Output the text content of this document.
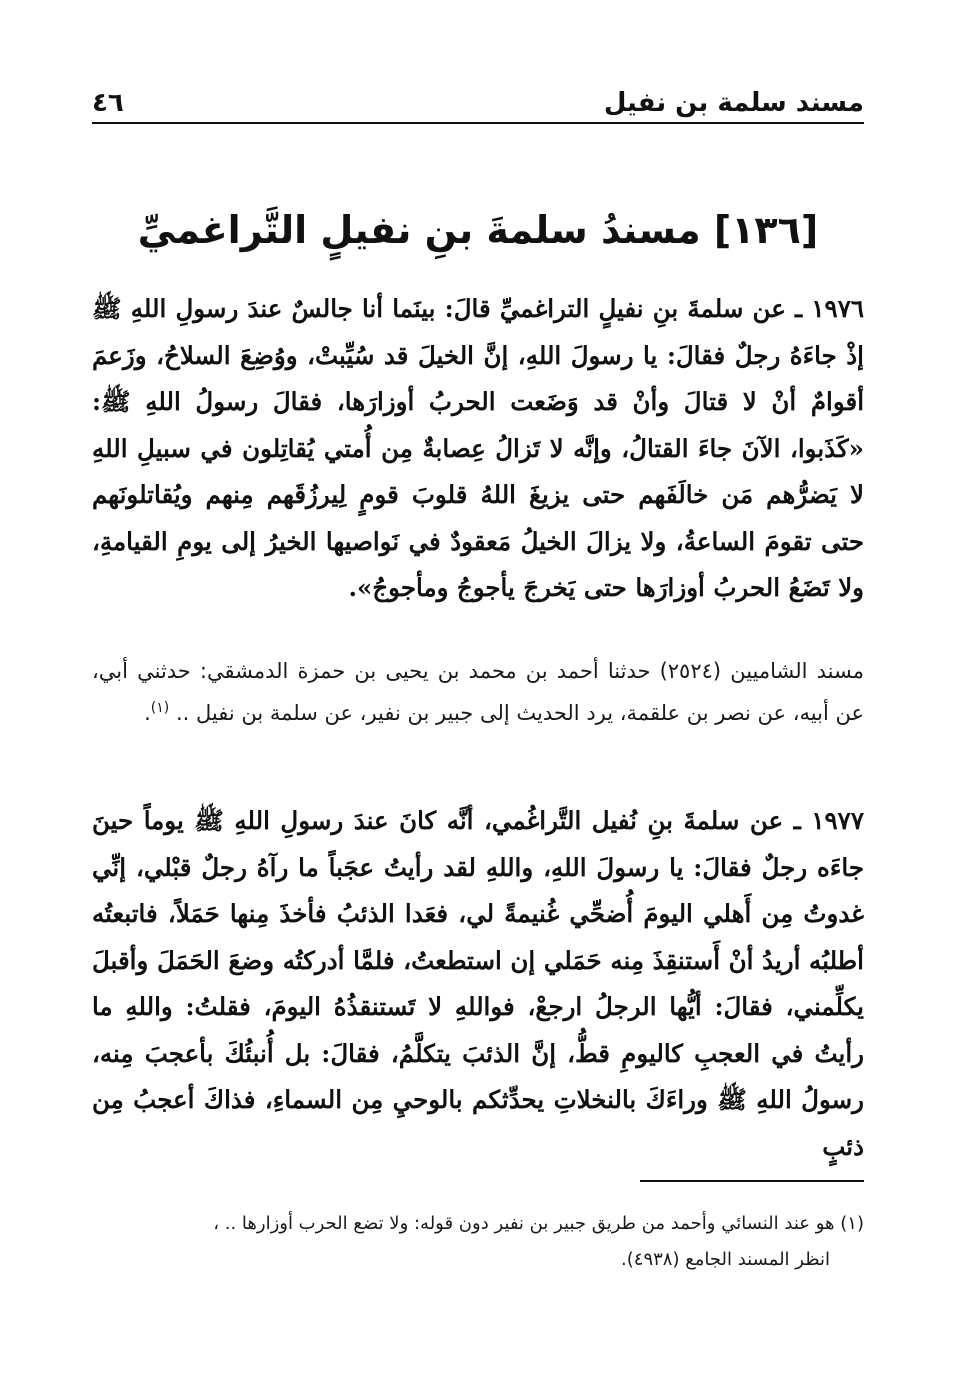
مسند سلمة بن نفيل
٤٦
[١٣٦] مسندُ سلمةَ بنِ نفيلٍ التَّراغميِّ

١٩٧٦ ـ عن سلمةَ بنِ نفيلٍ التراغميِّ قالَ: بينَما أنا جالسٌ عندَ رسولِ اللهِ ﷺ إذْ جاءَهُ رجلٌ فقالَ: يا رسولَ اللهِ، إنَّ الخيلَ قد سُيِّبتْ، ووُضِعَ السلاحُ، وزَعمَ أقوامٌ أنْ لا قتالَ وأنْ قد وَضَعت الحربُ أوزارَها، فقالَ رسولُ اللهِ ﷺ: «كَذَبوا، الآنَ جاءَ القتالُ، وإنَّه لا تَزالُ عِصابةٌ مِن أُمتي يُقاتِلون في سبيلِ اللهِ لا يَضرُّهم مَن خالَفَهم حتى يزيغَ اللهُ قلوبَ قومٍ لِيرزُقَهم مِنهم ويُقاتلونَهم حتى تقومَ الساعةُ، ولا يزالَ الخيلُ مَعقودٌ في نَواصيها الخيرُ إلى يومِ القيامةِ، ولا تَضَعُ الحربُ أوزارَها حتى يَخرجَ يأجوجُ ومأجوجُ».

مسند الشاميين (٢٥٢٤) حدثنا أحمد بن محمد بن يحيى بن حمزة الدمشقي: حدثني أبي، عن أبيه، عن نصر بن علقمة، يرد الحديث إلى جبير بن نفير، عن سلمة بن نفيل .. $^{(١)}$.

١٩٧٧ ـ عن سلمةَ بنِ نُفيل التَّراغُمي، أنَّه كانَ عندَ رسولِ اللهِ ﷺ يوماً حينَ جاءَه رجلٌ فقالَ: يا رسولَ اللهِ، واللهِ لقد رأيتُ عجَباً ما رآهُ رجلٌ قبْلي، إنِّي غدوتُ مِن أَهلي اليومَ أُضحِّي غُنيمةً لي، فعَدا الذئبُ فأخذَ مِنها حَمَلاً، فاتبعتُه أطلبُه أريدُ أنْ أَستنقِذَ مِنه حَمَلي إن استطعتُ، فلمَّا أدركتُه وضعَ الحَمَلَ وأقبلَ يكلِّمني، فقالَ: أيُّها الرجلُ ارجعْ، فواللهِ لا تَستنقذُهُ اليومَ، فقلتُ: واللهِ ما رأيتُ في العجبِ كاليومِ قطُّ، إنَّ الذئبَ يتكلَّمُ، فقالَ: بل أُنبئُكَ بأعجبَ مِنه، رسولُ اللهِ ﷺ وراءَكَ بالنخلاتِ يحدِّثكم بالوحيِ مِن السماءِ، فذاكَ أعجبُ مِن ذئبٍ

(١) هو عند النسائي وأحمد من طريق جبير بن نفير دون قوله: ولا تضع الحرب أوزارها .. ،

انظر المسند الجامع (٤٩٣٨).
